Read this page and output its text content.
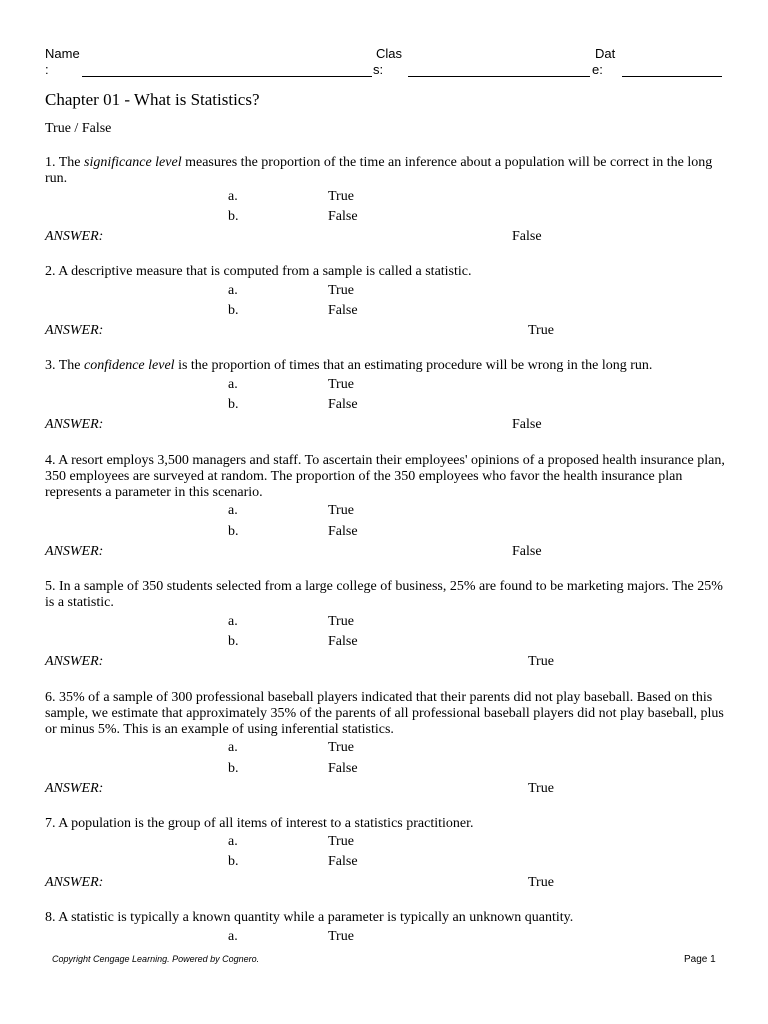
Name
:
Clas
s:
Dat
e:
Chapter 01 - What is Statistics?
True / False
1. The significance level measures the proportion of the time an inference about a population will be correct in the long run.
a.	True
b.	False
ANSWER:	False
2. A descriptive measure that is computed from a sample is called a statistic.
a.	True
b.	False
ANSWER:	True
3. The confidence level is the proportion of times that an estimating procedure will be wrong in the long run.
a.	True
b.	False
ANSWER:	False
4. A resort employs 3,500 managers and staff. To ascertain their employees' opinions of a proposed health insurance plan, 350 employees are surveyed at random. The proportion of the 350 employees who favor the health insurance plan represents a parameter in this scenario.
a.	True
b.	False
ANSWER:	False
5. In a sample of 350 students selected from a large college of business, 25% are found to be marketing majors. The 25% is a statistic.
a.	True
b.	False
ANSWER:	True
6. 35% of a sample of 300 professional baseball players indicated that their parents did not play baseball. Based on this sample, we estimate that approximately 35% of the parents of all professional baseball players did not play baseball, plus or minus 5%. This is an example of using inferential statistics.
a.	True
b.	False
ANSWER:	True
7. A population is the group of all items of interest to a statistics practitioner.
a.	True
b.	False
ANSWER:	True
8. A statistic is typically a known quantity while a parameter is typically an unknown quantity.
a.	True
Copyright Cengage Learning. Powered by Cognero.	Page 1
